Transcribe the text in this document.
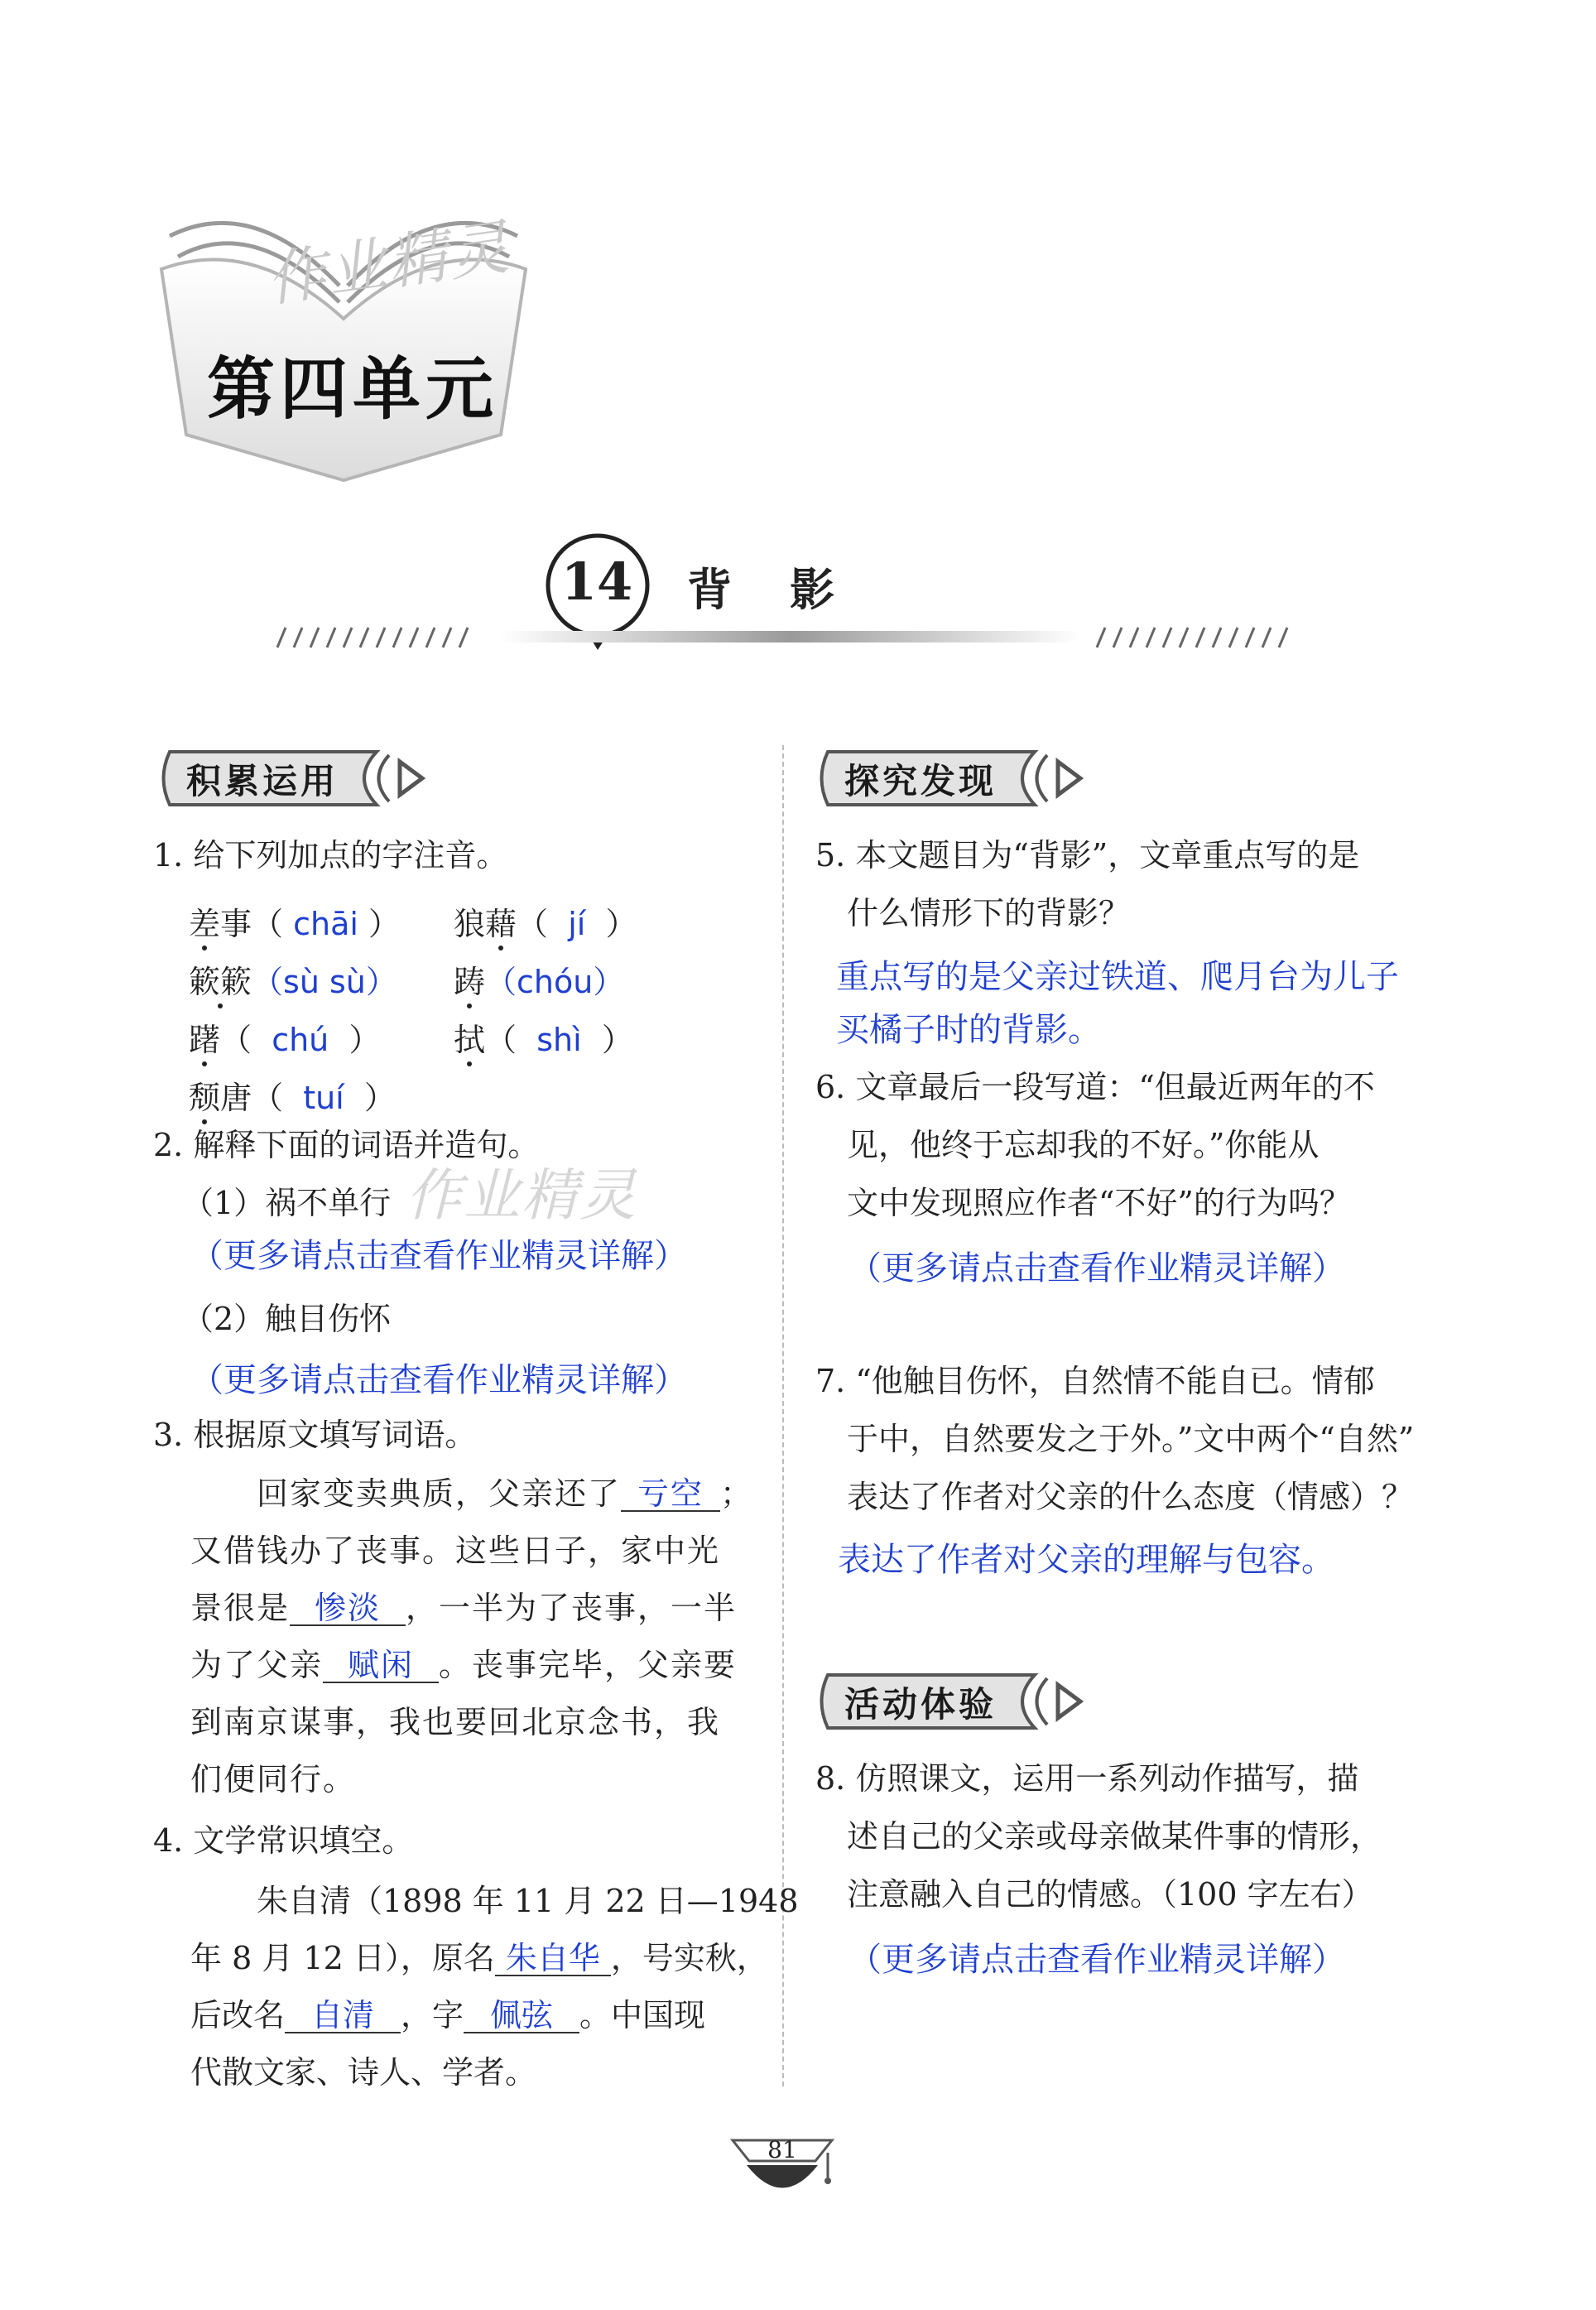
作业精灵
第四单元
14 背影
积累运用
1. 给下列加点的字注音。
差事（ chāi ） 狼藉（ jí ）
簌簌（sù sù） 踌（chóu）
躇（ chú ） 拭（ shì ）
颓唐（ tuí ）
2. 解释下面的词语并造句。
作业精灵
（1）祸不单行
（更多请点击查看作业精灵详解）
（2）触目伤怀
（更多请点击查看作业精灵详解）
3. 根据原文填写词语。
回家变卖典质，父亲还了 亏空 ；
又借钱办了丧事。这些日子，家中光
景很是 惨淡 ，一半为了丧事，一半
为了父亲 赋闲 。丧事完毕，父亲要
到南京谋事，我也要回北京念书，我
们便同行。
4. 文学常识填空。
朱自清（1898 年 11 月 22 日—1948
年 8 月 12 日），原名 朱自华 ，号实秋，
后改名 自清 ，字 佩弦 。中国现
代散文家、诗人、学者。
探究发现
5. 本文题目为“背影”，文章重点写的是
什么情形下的背影？
重点写的是父亲过铁道、爬月台为儿子
买橘子时的背影。
6. 文章最后一段写道：“但最近两年的不
见，他终于忘却我的不好。”你能从
文中发现照应作者“不好”的行为吗？
（更多请点击查看作业精灵详解）
7. “他触目伤怀，自然情不能自已。情郁
于中，自然要发之于外。”文中两个“自然”
表达了作者对父亲的什么态度（情感）？
表达了作者对父亲的理解与包容。
活动体验
8. 仿照课文，运用一系列动作描写，描
述自己的父亲或母亲做某件事的情形，
注意融入自己的情感。（100 字左右）
（更多请点击查看作业精灵详解）
81
